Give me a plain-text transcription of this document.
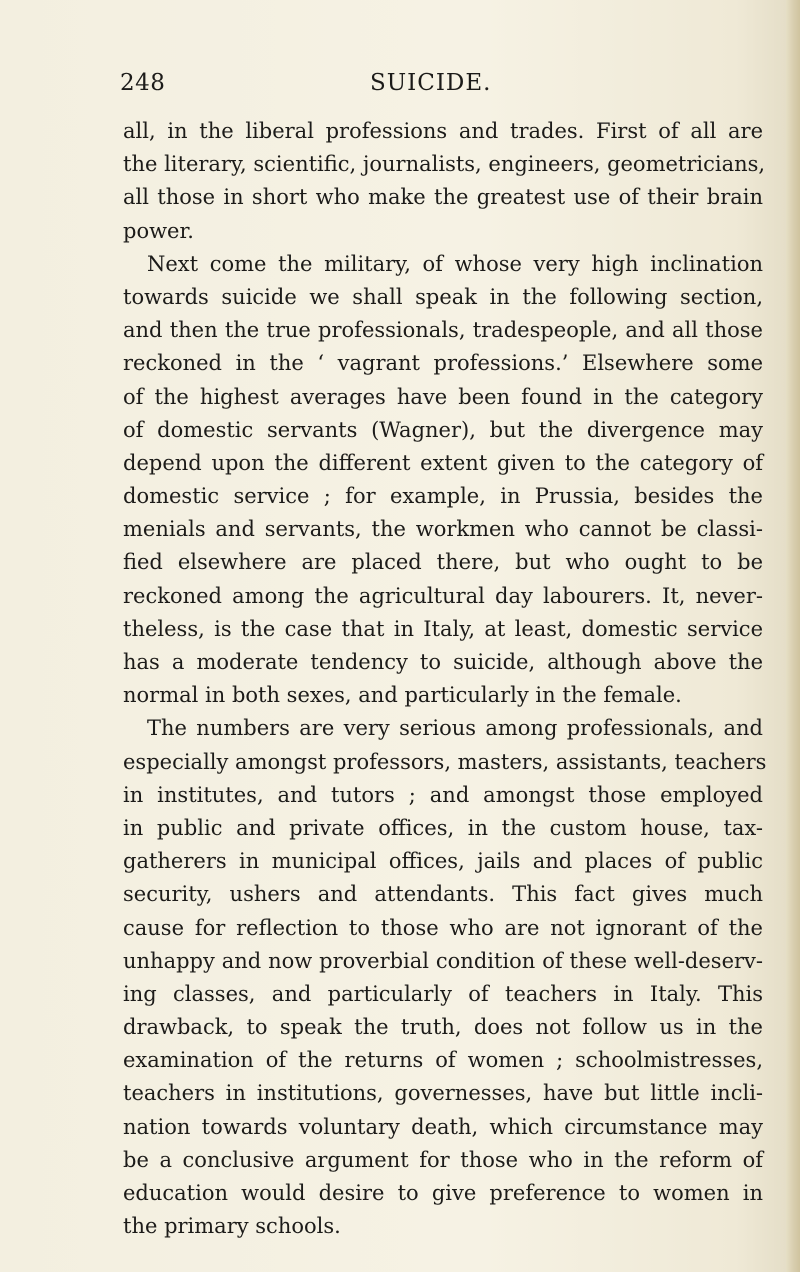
248	SUICIDE.
all, in the liberal professions and trades. First of all are
the literary, scientific, journalists, engineers, geometricians,
all those in short who make the greatest use of their brain
power.
Next come the military, of whose very high inclination
towards suicide we shall speak in the following section,
and then the true professionals, tradespeople, and all those
reckoned in the ‘ vagrant professions.’ Elsewhere some
of the highest averages have been found in the category
of domestic servants (Wagner), but the divergence may
depend upon the different extent given to the category of
domestic service ; for example, in Prussia, besides the
menials and servants, the workmen who cannot be classi-
fied elsewhere are placed there, but who ought to be
reckoned among the agricultural day labourers. It, never-
theless, is the case that in Italy, at least, domestic service
has a moderate tendency to suicide, although above the
normal in both sexes, and particularly in the female.
The numbers are very serious among professionals, and
especially amongst professors, masters, assistants, teachers
in institutes, and tutors ; and amongst those employed
in public and private offices, in the custom house, tax-
gatherers in municipal offices, jails and places of public
security, ushers and attendants. This fact gives much
cause for reflection to those who are not ignorant of the
unhappy and now proverbial condition of these well-deserv-
ing classes, and particularly of teachers in Italy. This
drawback, to speak the truth, does not follow us in the
examination of the returns of women ; schoolmistresses,
teachers in institutions, governesses, have but little incli-
nation towards voluntary death, which circumstance may
be a conclusive argument for those who in the reform of
education would desire to give preference to women in
the primary schools.
